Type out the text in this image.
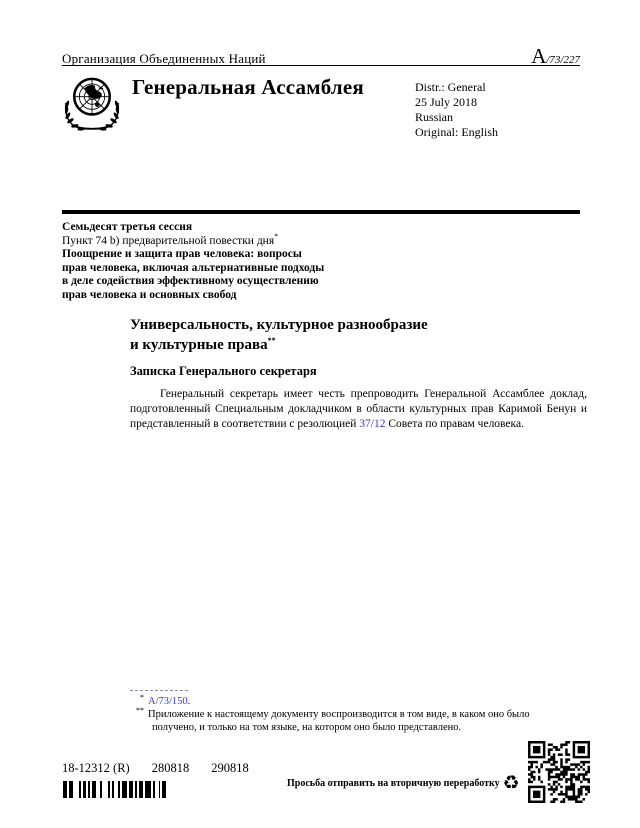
Организация Объединенных Наций	A/73/227
Генеральная Ассамблея	Distr.: General
25 July 2018
Russian
Original: English
Семьдесят третья сессия
Пункт 74 b) предварительной повестки дня*
Поощрение и защита прав человека: вопросы
прав человека, включая альтернативные подходы
в деле содействия эффективному осуществлению
прав человека и основных свобод
Универсальность, культурное разнообразие
и культурные права**
Записка Генерального секретаря

Генеральный секретарь имеет честь препроводить Генеральной Ассамблее доклад, подготовленный Специальным докладчиком в области культурных прав Каримой Бенун и представленный в соответствии с резолюцией 37/12 Совета по правам человека.

* A/73/150.
** Приложение к настоящему документу воспроизводится в том виде, в каком оно было получено, и только на том языке, на котором оно было представлено.
18-12312 (R) 280818 290818
Просьба отправить на вторичную переработку ♻
